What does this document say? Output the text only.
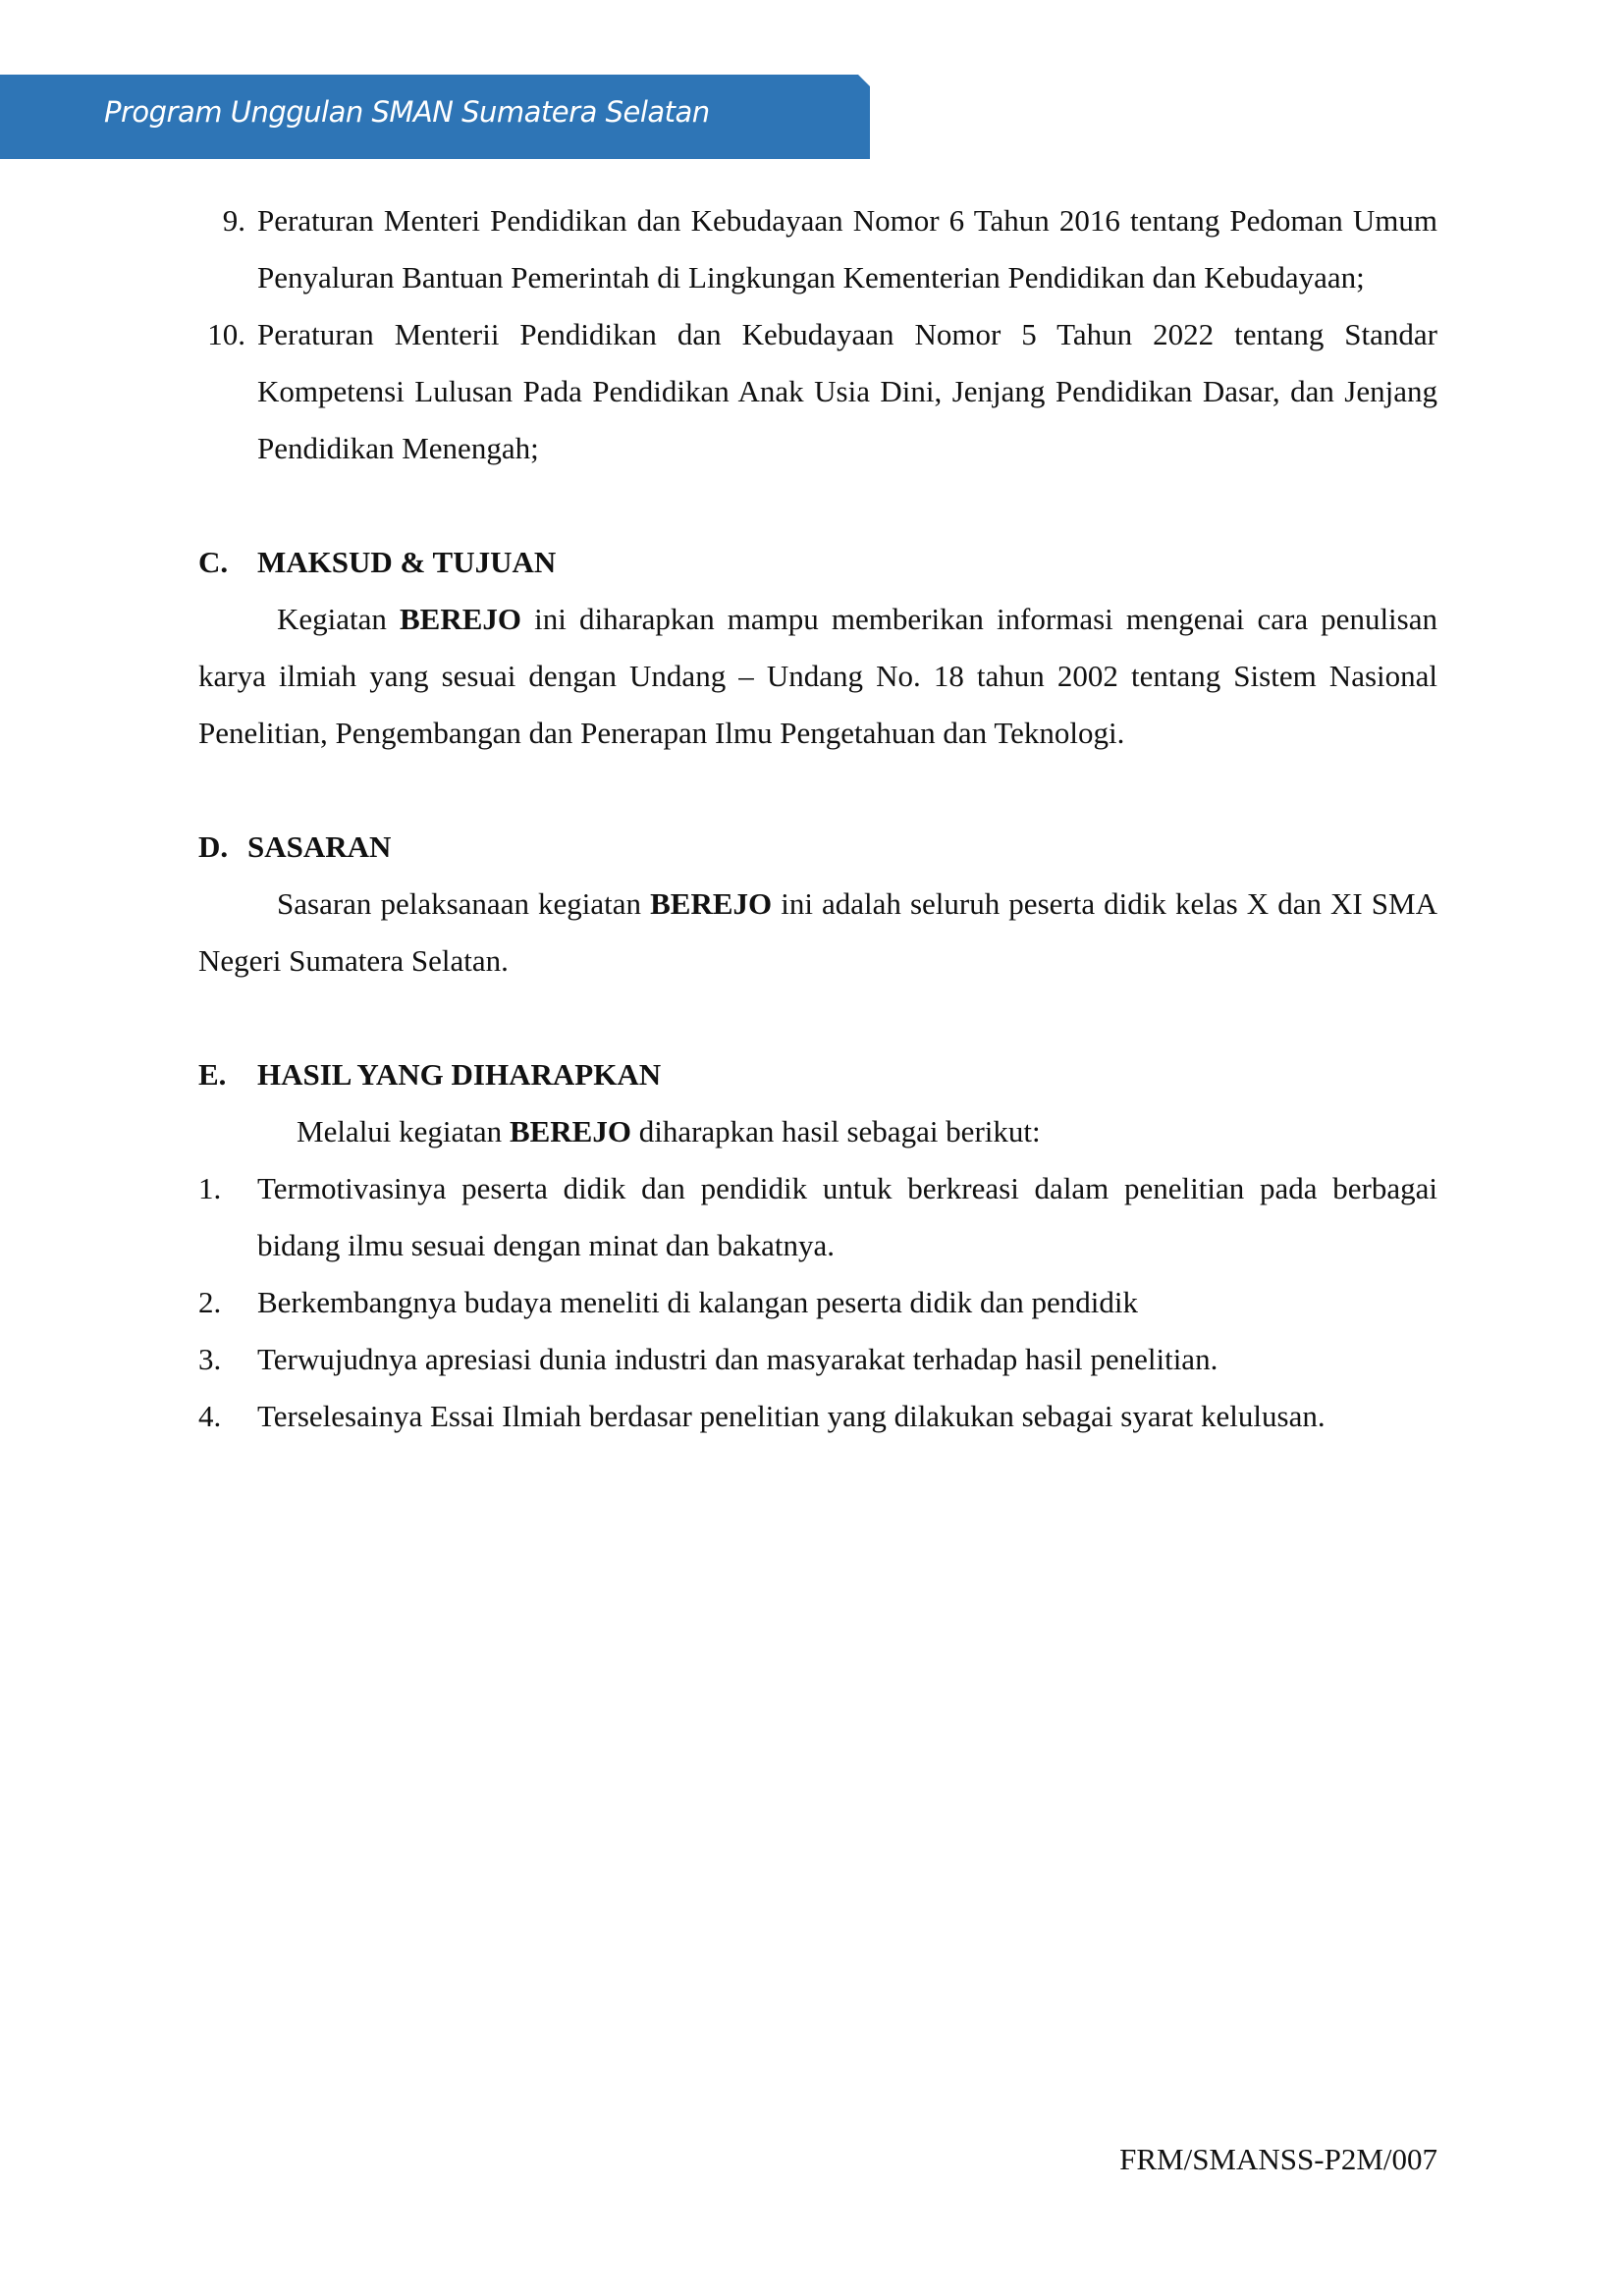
Program Unggulan SMAN Sumatera Selatan
9. Peraturan Menteri Pendidikan dan Kebudayaan Nomor 6 Tahun 2016 tentang Pedoman Umum Penyaluran Bantuan Pemerintah di Lingkungan Kementerian Pendidikan dan Kebudayaan;
10. Peraturan Menterii Pendidikan dan Kebudayaan Nomor 5 Tahun 2022 tentang Standar Kompetensi Lulusan Pada Pendidikan Anak Usia Dini, Jenjang Pendidikan Dasar, dan Jenjang Pendidikan Menengah;
C. MAKSUD & TUJUAN
Kegiatan BEREJO ini diharapkan mampu memberikan informasi mengenai cara penulisan karya ilmiah yang sesuai dengan Undang – Undang No. 18 tahun 2002 tentang Sistem Nasional Penelitian, Pengembangan dan Penerapan Ilmu Pengetahuan dan Teknologi.
D. SASARAN
Sasaran pelaksanaan kegiatan BEREJO ini adalah seluruh peserta didik kelas X dan XI SMA Negeri Sumatera Selatan.
E.	HASIL YANG DIHARAPKAN
Melalui kegiatan BEREJO diharapkan hasil sebagai berikut:
1.	Termotivasinya peserta didik dan pendidik untuk berkreasi dalam penelitian pada berbagai bidang ilmu sesuai dengan minat dan bakatnya.
2.	Berkembangnya budaya meneliti di kalangan peserta didik dan pendidik
3.	Terwujudnya apresiasi dunia industri dan masyarakat terhadap hasil penelitian.
4.	Terselesainya Essai Ilmiah berdasar penelitian yang dilakukan sebagai syarat kelulusan.
FRM/SMANSS-P2M/007
